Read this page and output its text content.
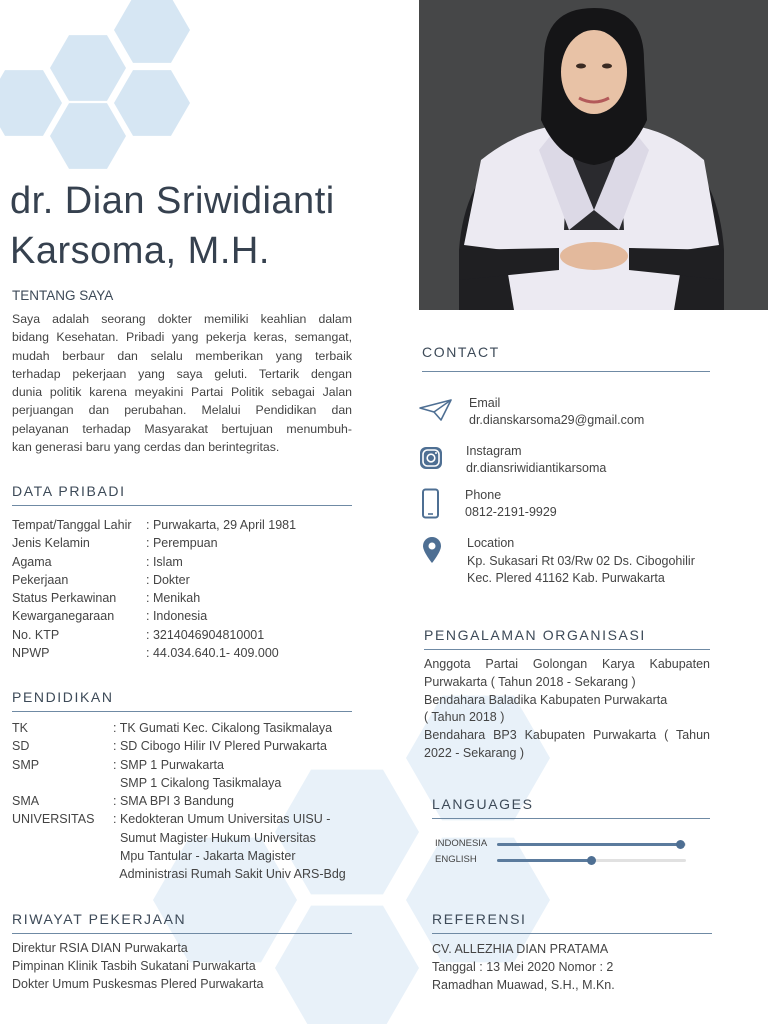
dr. Dian Sriwidianti
Karsoma, M.H.
TENTANG SAYA
Saya adalah seorang dokter memiliki keahlian dalam
bidang Kesehatan. Pribadi yang pekerja keras, semangat,
mudah berbaur dan selalu memberikan yang terbaik
terhadap pekerjaan yang saya geluti. Tertarik dengan
dunia politik karena meyakini Partai Politik sebagai Jalan
perjuangan dan perubahan. Melalui Pendidikan dan
pelayanan terhadap Masyarakat bertujuan menumbuh-
kan generasi baru yang cerdas dan berintegritas.
DATA PRIBADI
Tempat/Tanggal Lahir	: Purwakarta, 29 April 1981
Jenis Kelamin	: Perempuan
Agama	: Islam
Pekerjaan	: Dokter
Status Perkawinan	: Menikah
Kewarganegaraan	: Indonesia
No. KTP	: 3214046904810001
NPWP	: 44.034.640.1- 409.000
PENDIDIKAN
TK	: TK Gumati Kec. Cikalong Tasikmalaya
SD	: SD Cibogo Hilir IV Plered Purwakarta
SMP	: SMP 1 Purwakarta
SMP 1 Cikalong Tasikmalaya
SMA	: SMA BPI 3 Bandung
UNIVERSITAS	: Kedokteran Umum Universitas UISU -
Sumut Magister Hukum Universitas
Mpu Tantular - Jakarta Magister
Administrasi Rumah Sakit Univ ARS-Bdg
RIWAYAT PEKERJAAN
Direktur RSIA DIAN Purwakarta
Pimpinan Klinik Tasbih Sukatani Purwakarta
Dokter Umum Puskesmas Plered Purwakarta
CONTACT
Email
dr.dianskarsoma29@gmail.com
Instagram
dr.diansriwidiantikarsoma
Phone
0812-2191-9929
Location
Kp. Sukasari Rt 03/Rw 02 Ds. Cibogohilir
Kec. Plered 41162 Kab. Purwakarta
PENGALAMAN ORGANISASI
Anggota Partai Golongan Karya Kabupaten
Purwakarta ( Tahun 2018 - Sekarang )
Bendahara Baladika Kabupaten Purwakarta
( Tahun 2018 )
Bendahara BP3 Kabupaten Purwakarta ( Tahun
2022 - Sekarang )
LANGUAGES
INDONESIA
ENGLISH
REFERENSI
CV. ALLEZHIA DIAN PRATAMA
Tanggal : 13 Mei 2020 Nomor : 2
Ramadhan Muawad, S.H., M.Kn.
